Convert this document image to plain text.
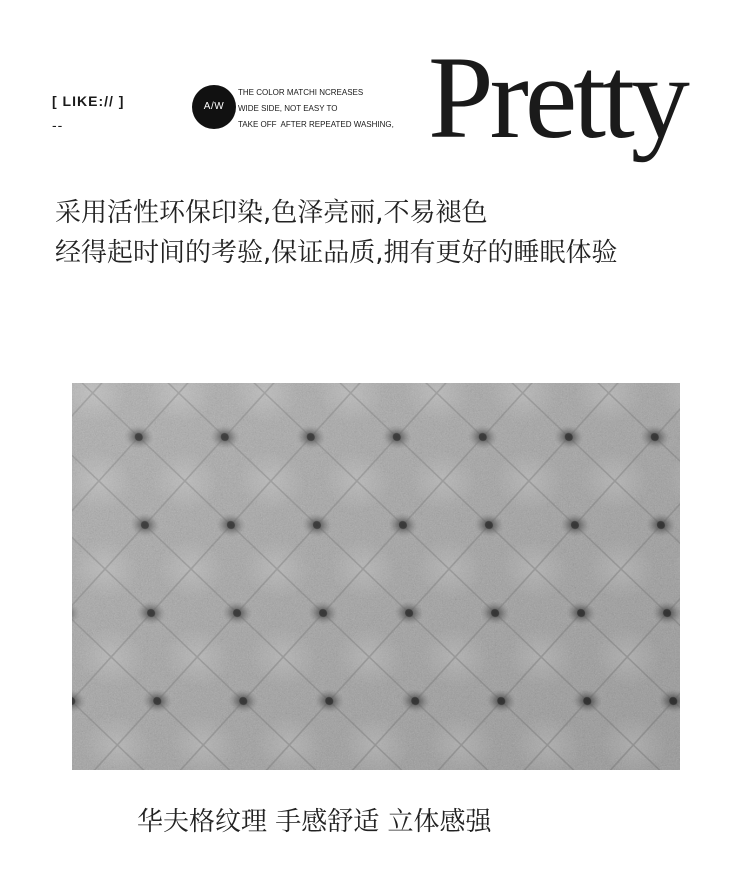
[ LIKE:// ]
--
A/W
THE COLOR MATCHI NCREASES
WIDE SIDE, NOT EASY TO
TAKE OFF  AFTER REPEATED WASHING, Pretty
采用活性环保印染,色泽亮丽,不易褪色
经得起时间的考验,保证品质,拥有更好的睡眠体验
华夫格纹理 手感舒适 立体感强
